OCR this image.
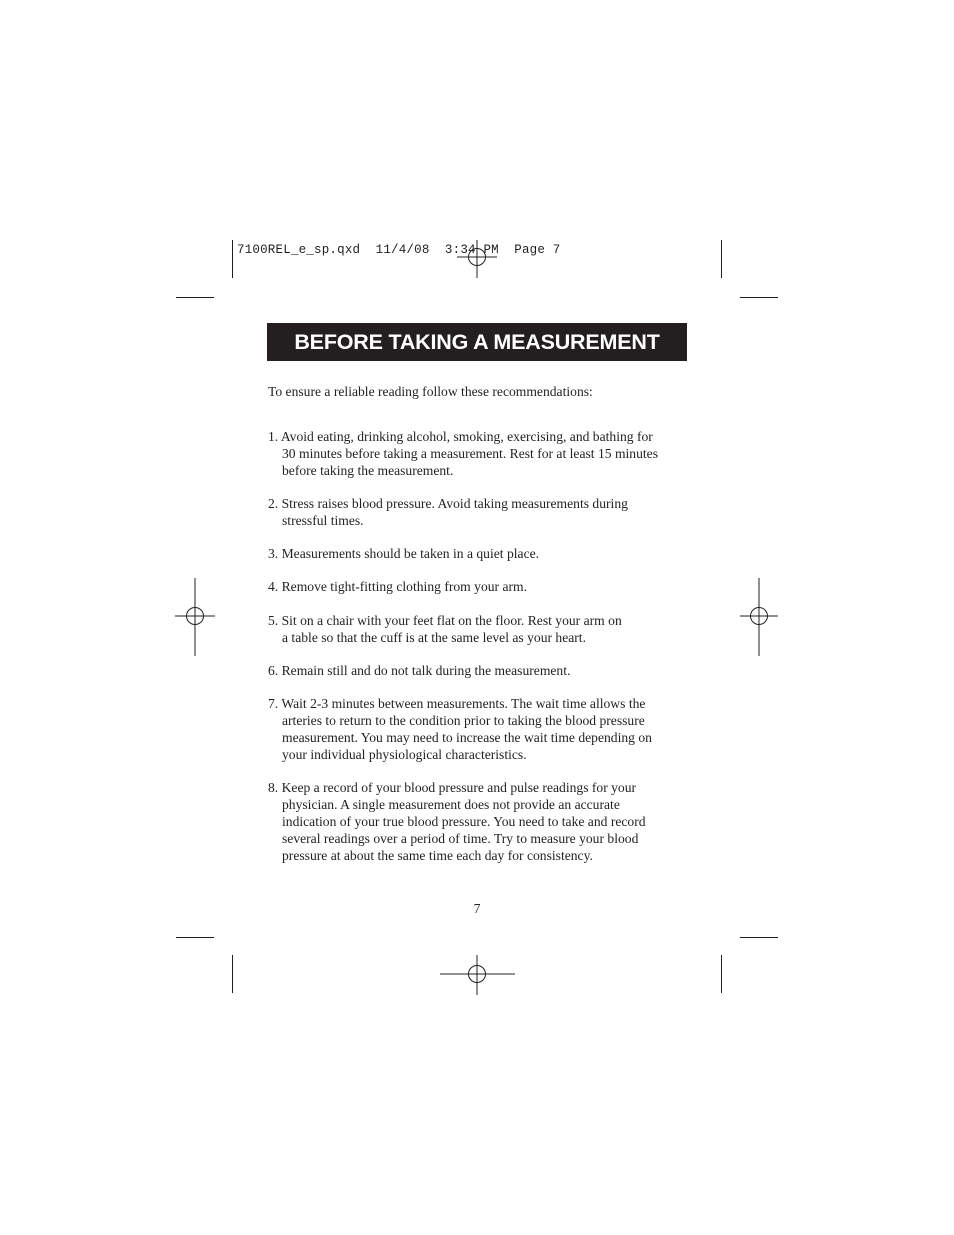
7100REL_e_sp.qxd  11/4/08  3:34 PM  Page 7
BEFORE TAKING A MEASUREMENT
To ensure a reliable reading follow these recommendations:
1. Avoid eating, drinking alcohol, smoking, exercising, and bathing for
30 minutes before taking a measurement. Rest for at least 15 minutes
before taking the measurement.
2. Stress raises blood pressure. Avoid taking measurements during
stressful times.
3. Measurements should be taken in a quiet place.
4. Remove tight-fitting clothing from your arm.
5. Sit on a chair with your feet flat on the floor. Rest your arm on
a table so that the cuff is at the same level as your heart.
6. Remain still and do not talk during the measurement.
7. Wait 2-3 minutes between measurements. The wait time allows the
arteries to return to the condition prior to taking the blood pressure
measurement. You may need to increase the wait time depending on
your individual physiological characteristics.
8. Keep a record of your blood pressure and pulse readings for your
physician. A single measurement does not provide an accurate
indication of your true blood pressure. You need to take and record
several readings over a period of time. Try to measure your blood
pressure at about the same time each day for consistency.
7
